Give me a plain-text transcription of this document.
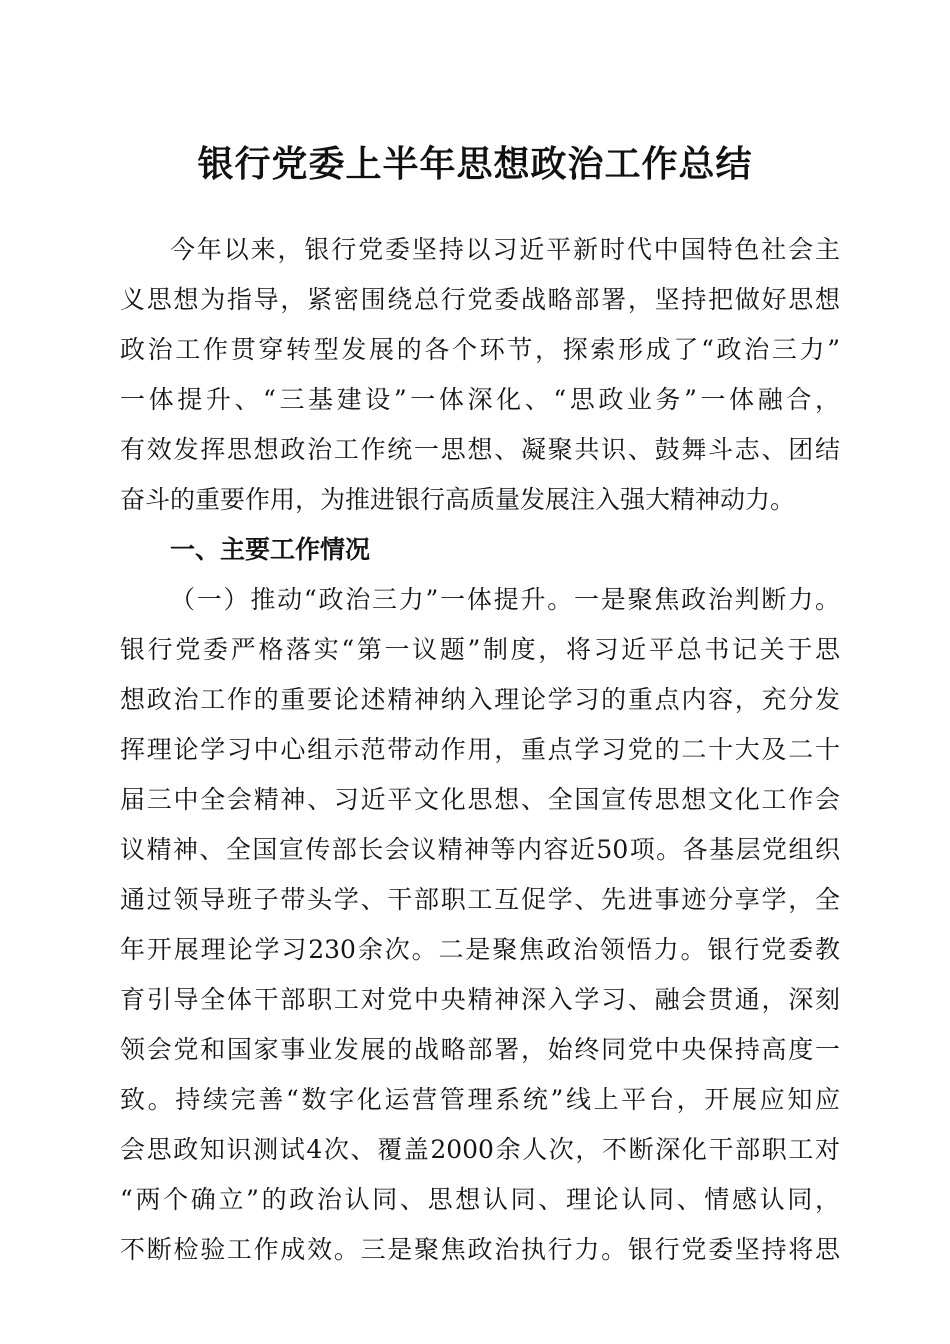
银行党委上半年思想政治工作总结
今年以来，银行党委坚持以习近平新时代中国特色社会主
义思想为指导，紧密围绕总行党委战略部署，坚持把做好思想
政治工作贯穿转型发展的各个环节，探索形成了“政治三力”
一体提升、“三基建设”一体深化、“思政业务”一体融合，
有效发挥思想政治工作统一思想、凝聚共识、鼓舞斗志、团结
奋斗的重要作用，为推进银行高质量发展注入强大精神动力。
一、主要工作情况
（一）推动“政治三力”一体提升。一是聚焦政治判断力。
银行党委严格落实“第一议题”制度，将习近平总书记关于思
想政治工作的重要论述精神纳入理论学习的重点内容，充分发
挥理论学习中心组示范带动作用，重点学习党的二十大及二十
届三中全会精神、习近平文化思想、全国宣传思想文化工作会
议精神、全国宣传部长会议精神等内容近50项。各基层党组织
通过领导班子带头学、干部职工互促学、先进事迹分享学，全
年开展理论学习230余次。二是聚焦政治领悟力。银行党委教
育引导全体干部职工对党中央精神深入学习、融会贯通，深刻
领会党和国家事业发展的战略部署，始终同党中央保持高度一
致。持续完善“数字化运营管理系统”线上平台，开展应知应
会思政知识测试4次、覆盖2000余人次，不断深化干部职工对
“两个确立”的政治认同、思想认同、理论认同、情感认同，
不断检验工作成效。三是聚焦政治执行力。银行党委坚持将思
